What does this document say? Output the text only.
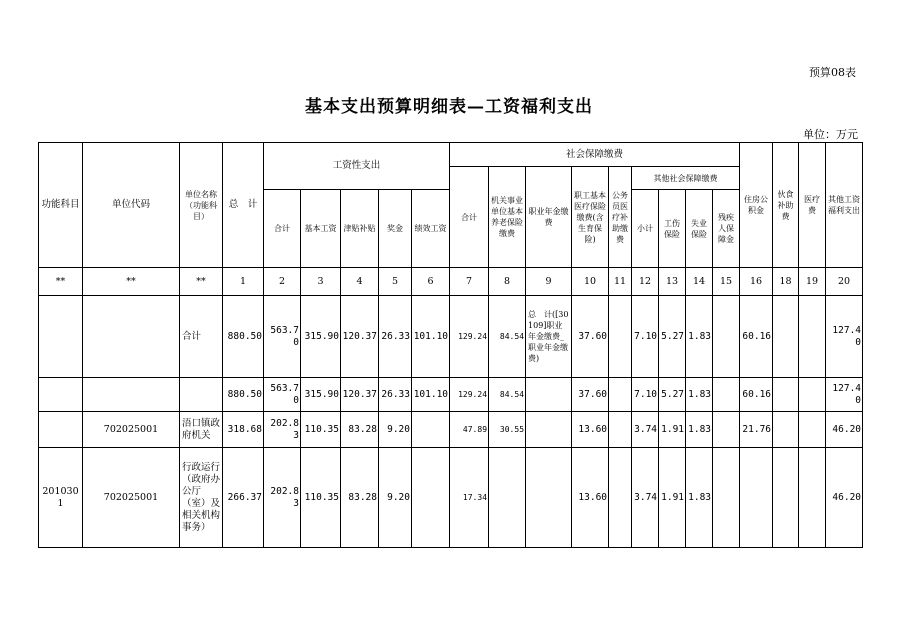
预算08表
基本支出预算明细表—工资福利支出
单位：万元
功能科目	单位代码	单位名称（功能科目）	总　计	工资性支出					社会保障缴费									住房公积金	伙食补助费	医疗费	其他工资福利支出
									合计	机关事业单位基本养老保险缴费	职业年金缴费	职工基本医疗保险缴费(含生育保险)	公务员医疗补助缴费	其他社会保障缴费							
				合计	基本工资	津贴补贴	奖金	绩效工资						小计	工伤保险	失业保险	残疾人保障金				
**	**	**	1	2	3	4	5	6	7	8	9	10	11	12	13	14	15	16	18	19	20
		合计	880.50	563.70	315.90	120.37	26.33	101.10	129.24	84.54	总　计([30109]职业年金缴费_职业年金缴费)	37.60		7.10	5.27	1.83		60.16			127.40
			880.50	563.70	315.90	120.37	26.33	101.10	129.24	84.54		37.60		7.10	5.27	1.83		60.16			127.40
	702025001	浯口镇政府机关	318.68	202.83	110.35	83.28	9.20		47.89	30.55		13.60		3.74	1.91	1.83		21.76			46.20
2010301	702025001	行政运行（政府办公厅（室）及相关机构事务）	266.37	202.83	110.35	83.28	9.20		17.34			13.60		3.74	1.91	1.83					46.20
